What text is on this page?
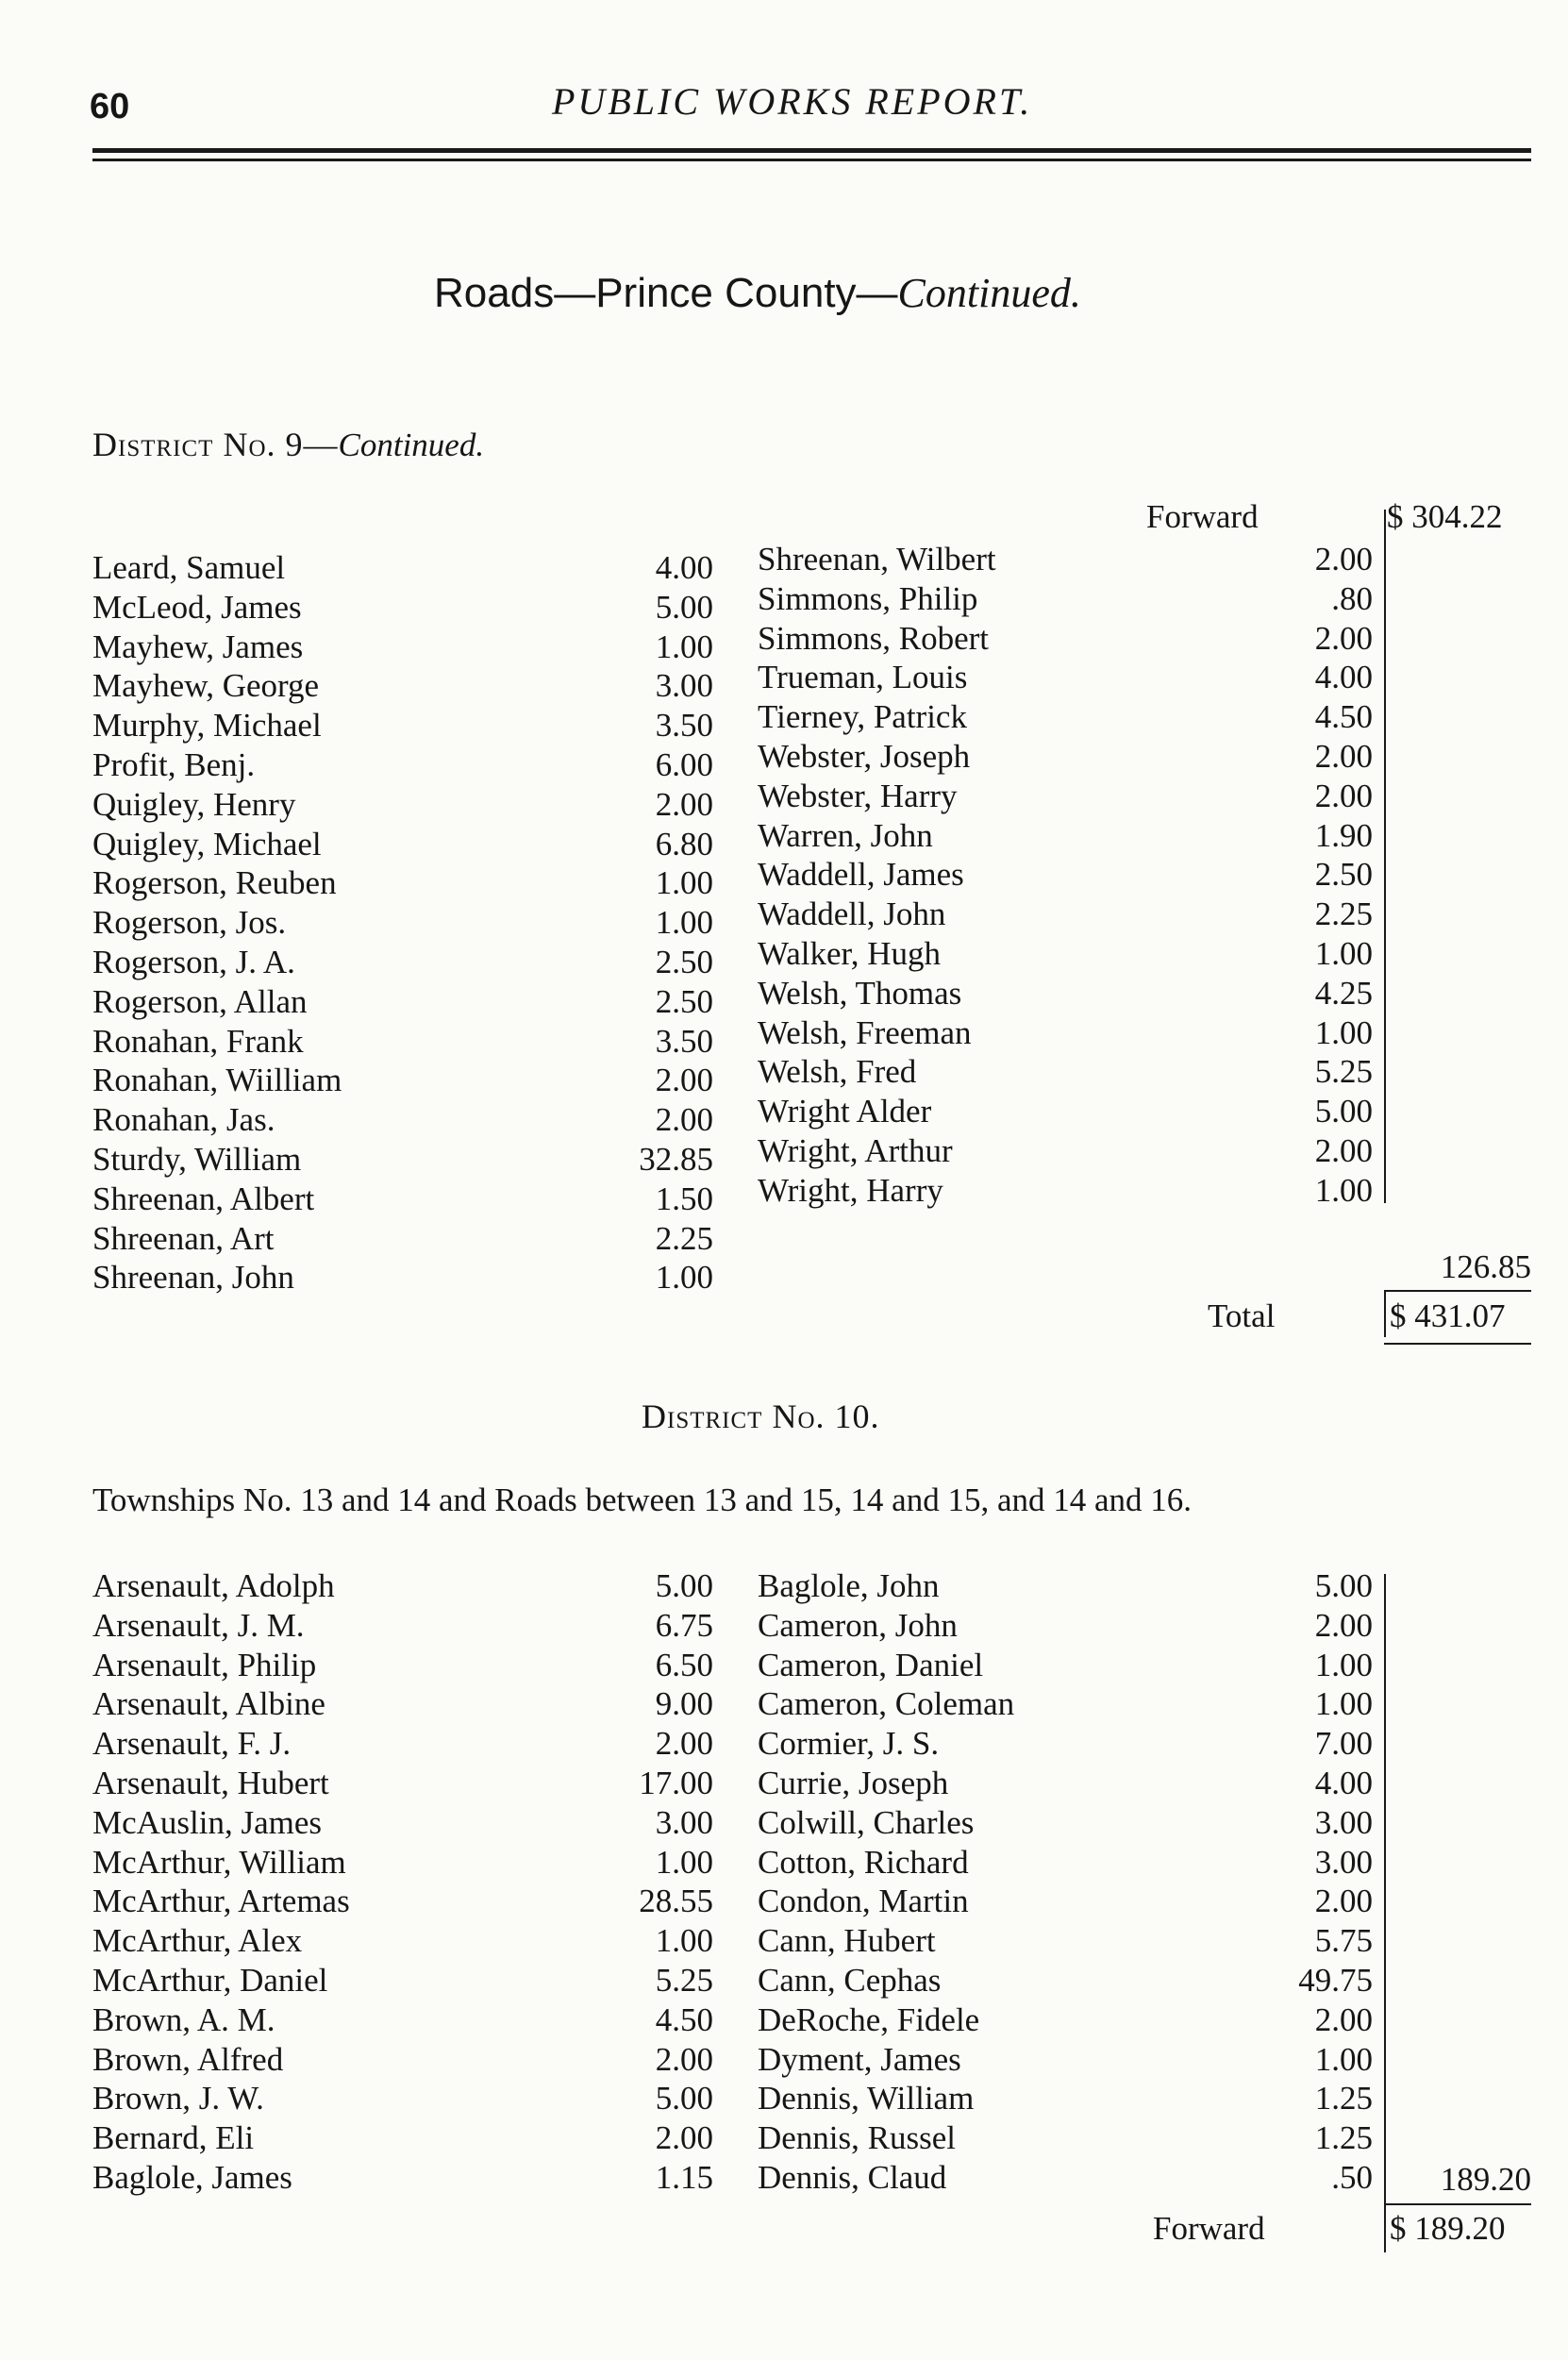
60	PUBLIC WORKS REPORT.
Roads—Prince County—Continued.
District No. 9—Continued.
Forward	$ 304.22
Leard, Samuel	4.00
McLeod, James	5.00
Mayhew, James	1.00
Mayhew, George	3.00
Murphy, Michael	3.50
Profit, Benj.	6.00
Quigley, Henry	2.00
Quigley, Michael	6.80
Rogerson, Reuben	1.00
Rogerson, Jos.	1.00
Rogerson, J. A.	2.50
Rogerson, Allan	2.50
Ronahan, Frank	3.50
Ronahan, Wiilliam	2.00
Ronahan, Jas.	2.00
Sturdy, William	32.85
Shreenan, Albert	1.50
Shreenan, Art	2.25
Shreenan, John	1.00
Shreenan, Wilbert	2.00
Simmons, Philip	.80
Simmons, Robert	2.00
Trueman, Louis	4.00
Tierney, Patrick	4.50
Webster, Joseph	2.00
Webster, Harry	2.00
Warren, John	1.90
Waddell, James	2.50
Waddell, John	2.25
Walker, Hugh	1.00
Welsh, Thomas	4.25
Welsh, Freeman	1.00
Welsh, Fred	5.25
Wright Alder	5.00
Wright, Arthur	2.00
Wright, Harry	1.00
126.85
Total	$ 431.07
District No. 10.
Townships No. 13 and 14 and Roads between 13 and 15, 14 and 15, and 14 and 16.
Arsenault, Adolph	5.00
Arsenault, J. M.	6.75
Arsenault, Philip	6.50
Arsenault, Albine	9.00
Arsenault, F. J.	2.00
Arsenault, Hubert	17.00
McAuslin, James	3.00
McArthur, William	1.00
McArthur, Artemas	28.55
McArthur, Alex	1.00
McArthur, Daniel	5.25
Brown, A. M.	4.50
Brown, Alfred	2.00
Brown, J. W.	5.00
Bernard, Eli	2.00
Baglole, James	1.15
Baglole, John	5.00
Cameron, John	2.00
Cameron, Daniel	1.00
Cameron, Coleman	1.00
Cormier, J. S.	7.00
Currie, Joseph	4.00
Colwill, Charles	3.00
Cotton, Richard	3.00
Condon, Martin	2.00
Cann, Hubert	5.75
Cann, Cephas	49.75
DeRoche, Fidele	2.00
Dyment, James	1.00
Dennis, William	1.25
Dennis, Russel	1.25
Dennis, Claud	.50	189.20
Forward	$ 189.20
